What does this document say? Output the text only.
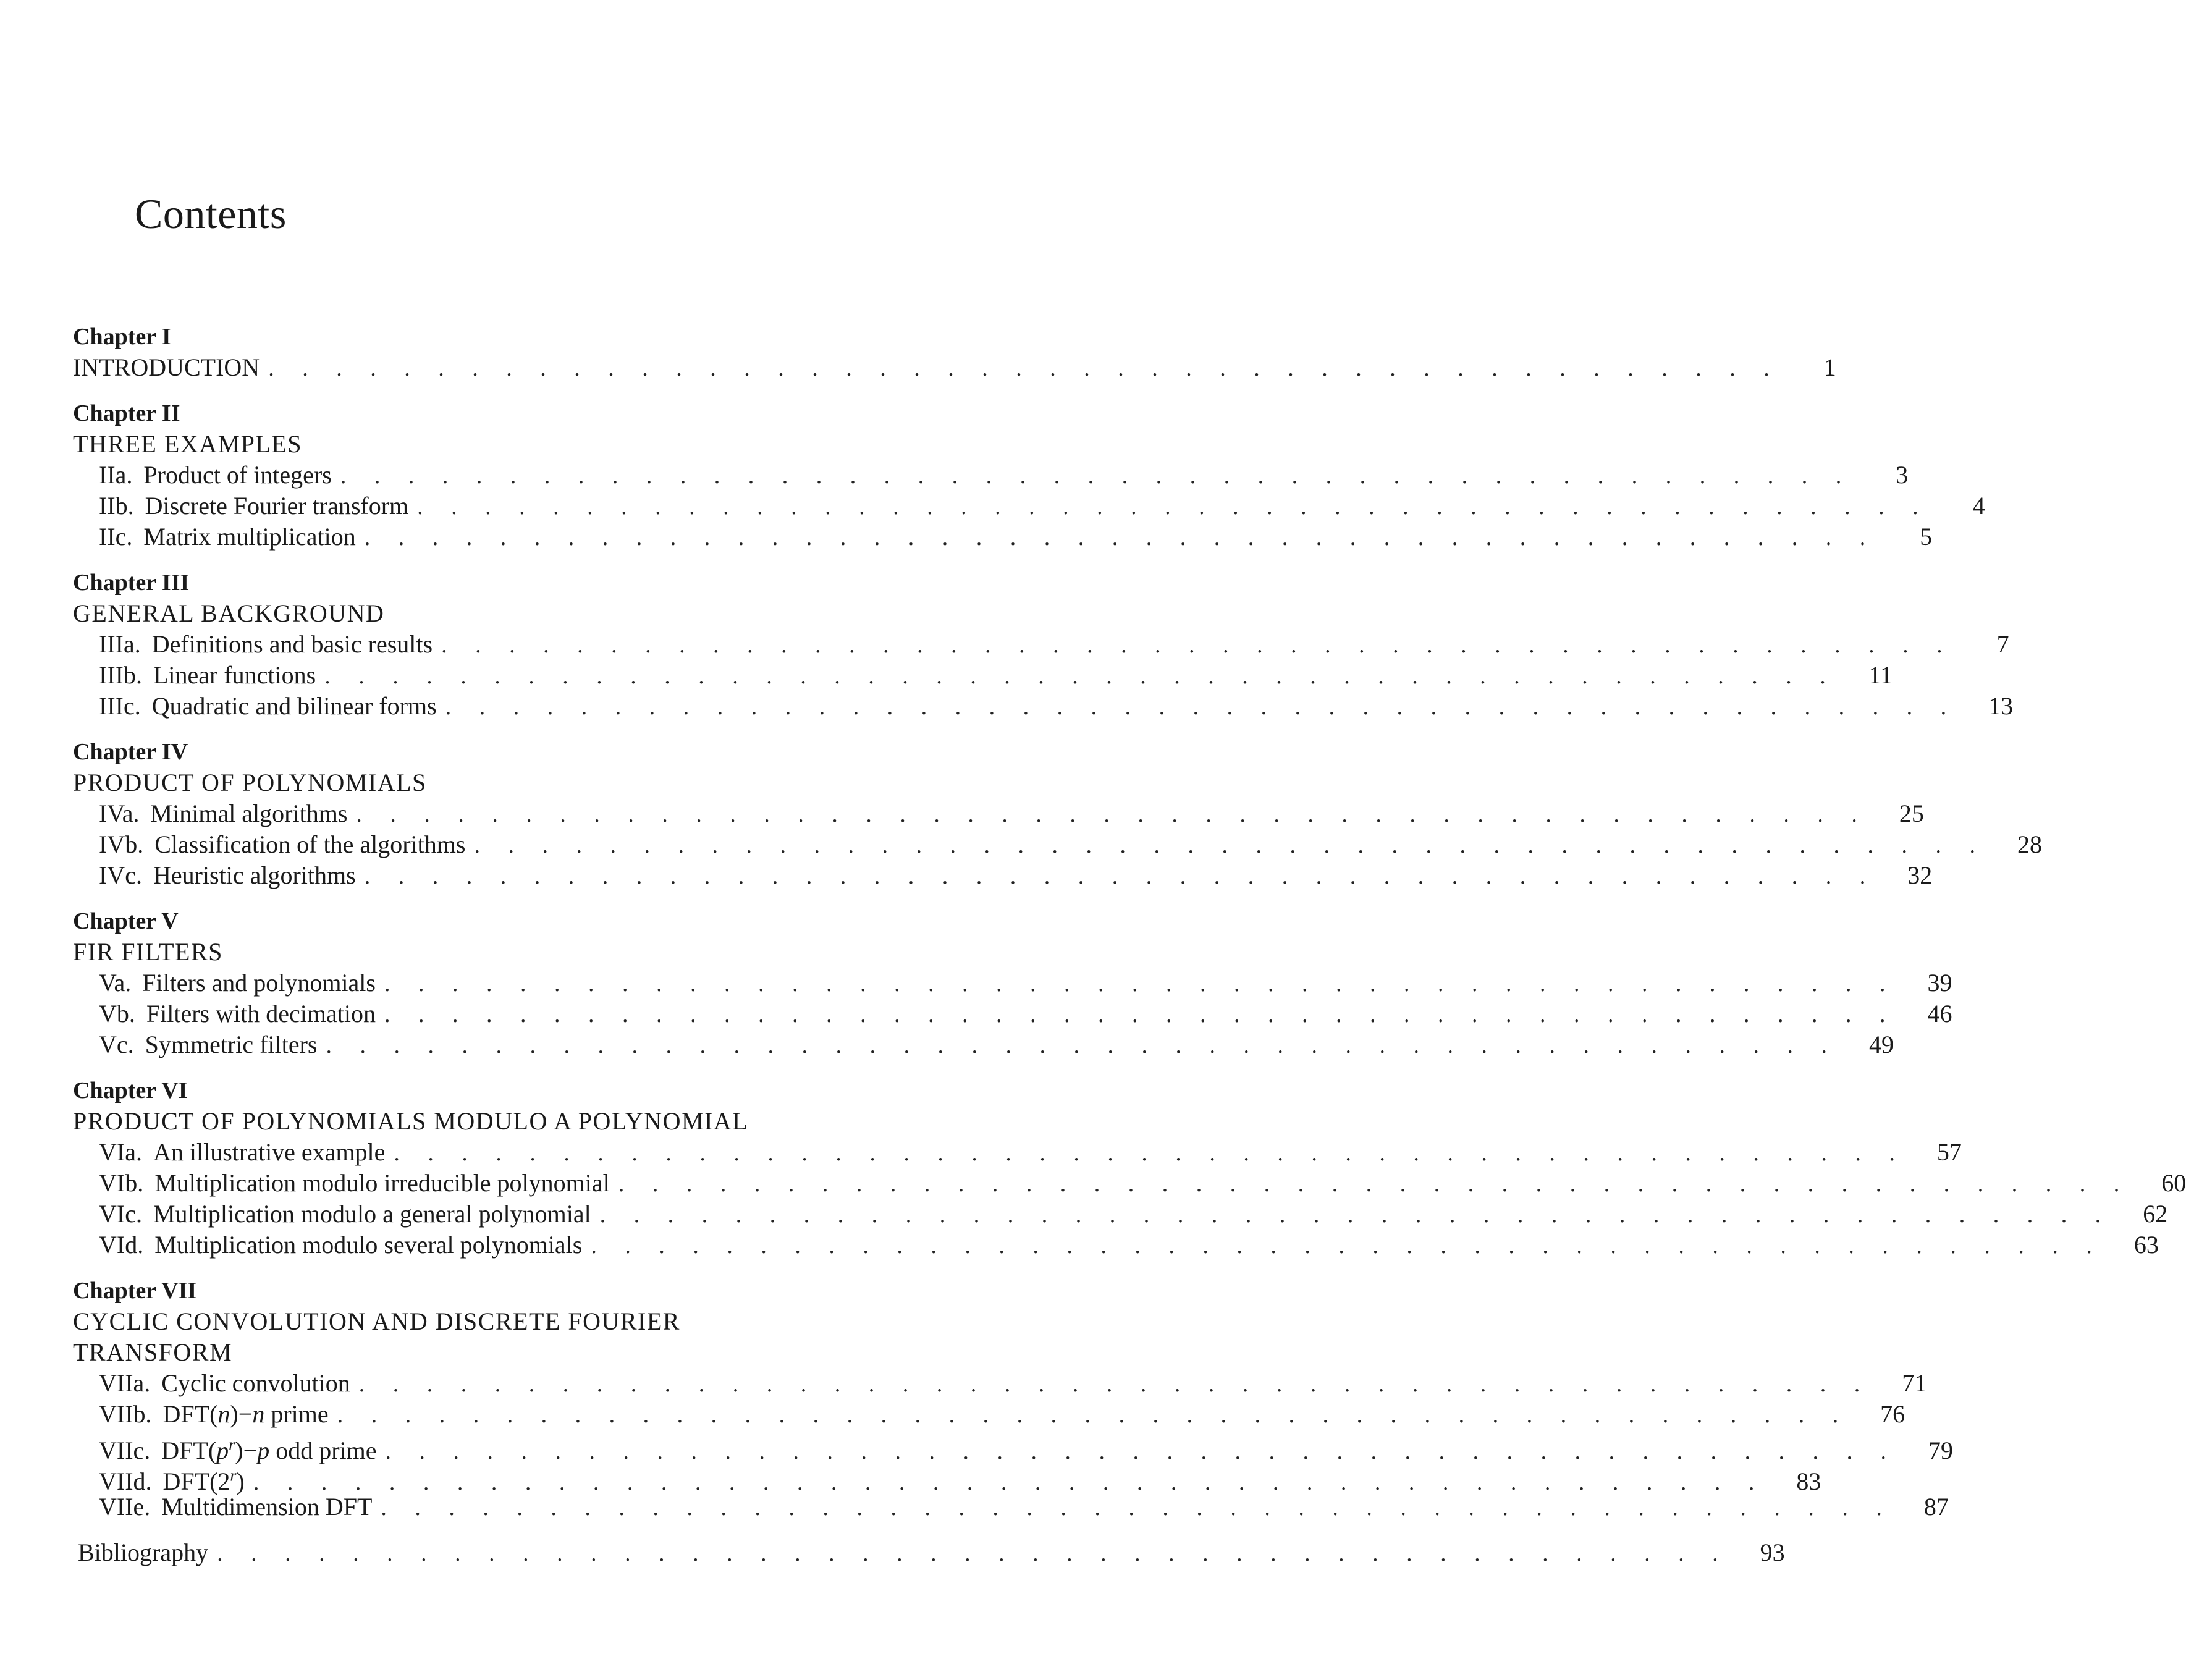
Contents
Chapter I
INTRODUCTION . . . . . . . . . . . . . . . . . . . . . . . . . . . . . . . . . . . . . . . . . . . . .	1
Chapter II
THREE EXAMPLES
IIa. Product of integers . . . . . . . . . . . . . . . . . . . . . . . . . . . . . . . . . . . . . . . . . . . . .	3
IIb. Discrete Fourier transform . . . . . . . . . . . . . . . . . . . . . . . . . . . . . . . . . . . . . . . . . . . . .	4
IIc. Matrix multiplication . . . . . . . . . . . . . . . . . . . . . . . . . . . . . . . . . . . . . . . . . . . . .	5
Chapter III
GENERAL BACKGROUND
IIIa. Definitions and basic results . . . . . . . . . . . . . . . . . . . . . . . . . . . . . . . . . . . . . . . . . . . . .	7
IIIb. Linear functions . . . . . . . . . . . . . . . . . . . . . . . . . . . . . . . . . . . . . . . . . . . . .	11
IIIc. Quadratic and bilinear forms . . . . . . . . . . . . . . . . . . . . . . . . . . . . . . . . . . . . . . . . . . . . .	13
Chapter IV
PRODUCT OF POLYNOMIALS
IVa. Minimal algorithms . . . . . . . . . . . . . . . . . . . . . . . . . . . . . . . . . . . . . . . . . . . . .	25
IVb. Classification of the algorithms . . . . . . . . . . . . . . . . . . . . . . . . . . . . . . . . . . . . . . . . . . . . .	28
IVc. Heuristic algorithms . . . . . . . . . . . . . . . . . . . . . . . . . . . . . . . . . . . . . . . . . . . . .	32
Chapter V
FIR FILTERS
Va. Filters and polynomials . . . . . . . . . . . . . . . . . . . . . . . . . . . . . . . . . . . . . . . . . . . . .	39
Vb. Filters with decimation . . . . . . . . . . . . . . . . . . . . . . . . . . . . . . . . . . . . . . . . . . . . .	46
Vc. Symmetric filters . . . . . . . . . . . . . . . . . . . . . . . . . . . . . . . . . . . . . . . . . . . . .	49
Chapter VI
PRODUCT OF POLYNOMIALS MODULO A POLYNOMIAL
VIa. An illustrative example . . . . . . . . . . . . . . . . . . . . . . . . . . . . . . . . . . . . . . . . . . . . .	57
VIb. Multiplication modulo irreducible polynomial . . . . . . . . . . . . . . . . . . . . . . . . . . . . . . . . . . . . . . . . . . . . .	60
VIc. Multiplication modulo a general polynomial . . . . . . . . . . . . . . . . . . . . . . . . . . . . . . . . . . . . . . . . . . . . .	62
VId. Multiplication modulo several polynomials . . . . . . . . . . . . . . . . . . . . . . . . . . . . . . . . . . . . . . . . . . . . .	63
Chapter VII
CYCLIC CONVOLUTION AND DISCRETE FOURIER
TRANSFORM
VIIa. Cyclic convolution . . . . . . . . . . . . . . . . . . . . . . . . . . . . . . . . . . . . . . . . . . . . .	71
VIIb. DFT(n)−n prime . . . . . . . . . . . . . . . . . . . . . . . . . . . . . . . . . . . . . . . . . . . . .	76
VIIc. $DFT(p^r)-p$ odd prime . . . . . . . . . . . . . . . . . . . . . . . . . . . . . . . . . . . . . . . . . . . . .	79
VIId. DFT(2$^r$) . . . . . . . . . . . . . . . . . . . . . . . . . . . . . . . . . . . . . . . . . . . . .	83
VIIe. Multidimension DFT . . . . . . . . . . . . . . . . . . . . . . . . . . . . . . . . . . . . . . . . . . . . .	87
Bibliography . . . . . . . . . . . . . . . . . . . . . . . . . . . . . . . . . . . . . . . . . . . . .	93
